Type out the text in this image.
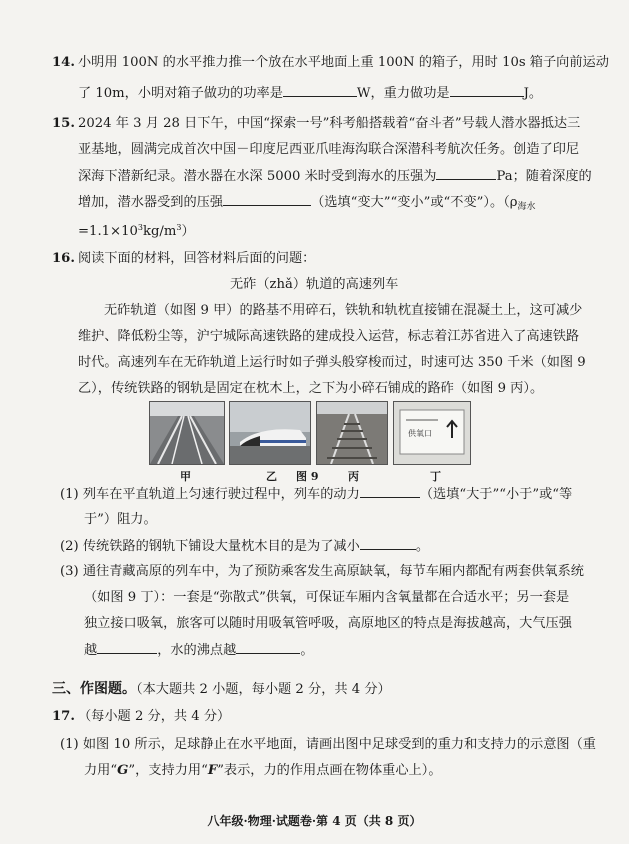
14. 小明用 100N 的水平推力推一个放在水平地面上重 100N 的箱子，用时 10s 箱子向前运动
了 10m，小明对箱子做功的功率是	W，重力做功是	J。
15. 2024 年 3 月 28 日下午，中国“探索一号”科考船搭载着“奋斗者”号载人潜水器抵达三
亚基地，圆满完成首次中国－印度尼西亚爪哇海沟联合深潜科考航次任务。创造了印尼
深海下潜新纪录。潜水器在水深 5000 米时受到海水的压强为	Pa；随着深度的
增加，潜水器受到的压强	（选填“变大”“变小”或“不变”）。（$\rho_{海水}$
$=1.1\times 10^3kg/m^3$）
16. 阅读下面的材料，回答材料后面的问题：
无砟（zhǎ）轨道的高速列车
无砟轨道（如图 9 甲）的路基不用碎石，铁轨和轨枕直接铺在混凝土上，这可减少
维护、降低粉尘等，沪宁城际高速铁路的建成投入运营，标志着江苏省进入了高速铁路
时代。高速列车在无砟轨道上运行时如子弹头般穿梭而过，时速可达 350 千米（如图 9
乙），传统铁路的钢轨是固定在枕木上，之下为小碎石铺成的路砟（如图 9 丙）。
供氧口
甲	乙 图 9	丙	丁
(1) 列车在平直轨道上匀速行驶过程中，列车的动力	（选填“大于”“小于”或“等
于”）阻力。
(2) 传统铁路的钢轨下铺设大量枕木目的是为了减小	。
(3) 通往青藏高原的列车中，为了预防乘客发生高原缺氧，每节车厢内都配有两套供氧系统
（如图 9 丁）：一套是“弥散式”供氧，可保证车厢内含氧量都在合适水平；另一套是
独立接口吸氧，旅客可以随时用吸氧管呼吸，高原地区的特点是海拔越高，大气压强
越	，水的沸点越	。
三、作图题。（本大题共 2 小题，每小题 2 分，共 4 分）
17. （每小题 2 分，共 4 分）
(1) 如图 10 所示，足球静止在水平地面，请画出图中足球受到的重力和支持力的示意图（重
力用“G”，支持力用“F”表示，力的作用点画在物体重心上）。
八年级·物理·试题卷·第 4 页（共 8 页）
